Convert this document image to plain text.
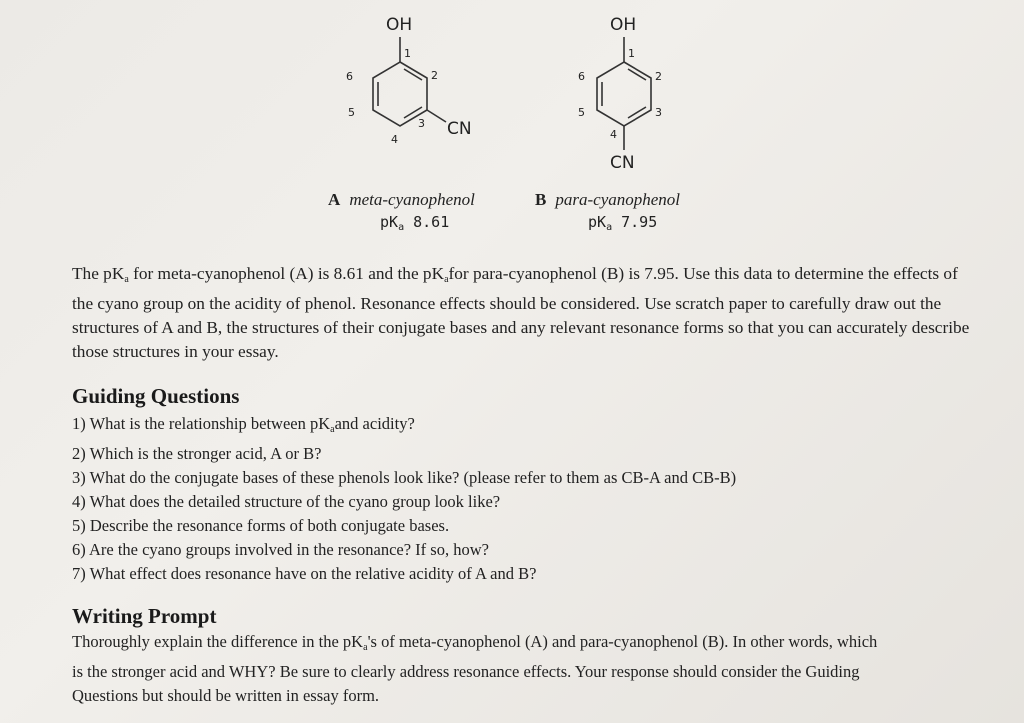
OH
CN
1
2
3
4
5
6
OH
CN
1
2
3
4
5
6
A meta-cyanophenol
$pK_a$ 8.61
B para-cyanophenol
$pK_a$ 7.95
The $pK_a$ for meta-cyanophenol (A) is 8.61 and the $pK_afor$ para-cyanophenol (B) is 7.95. Use this data to determine the effects of the cyano group on the acidity of phenol. Resonance effects should be considered. Use scratch paper to carefully draw out the structures of A and B, the structures of their conjugate bases and any relevant resonance forms so that you can accurately describe those structures in your essay.
Guiding Questions
1) What is the relationship between $pK_aand$ acidity?
2) Which is the stronger acid, A or B?
3) What do the conjugate bases of these phenols look like? (please refer to them as CB-A and CB-B)
4) What does the detailed structure of the cyano group look like?
5) Describe the resonance forms of both conjugate bases.
6) Are the cyano groups involved in the resonance? If so, how?
7) What effect does resonance have on the relative acidity of A and B?
Writing Prompt
Thoroughly explain the difference in the $pK_a's$ of meta-cyanophenol (A) and para-cyanophenol (B). In other words, which is the stronger acid and WHY? Be sure to clearly address resonance effects. Your response should consider the Guiding Questions but should be written in essay form.
